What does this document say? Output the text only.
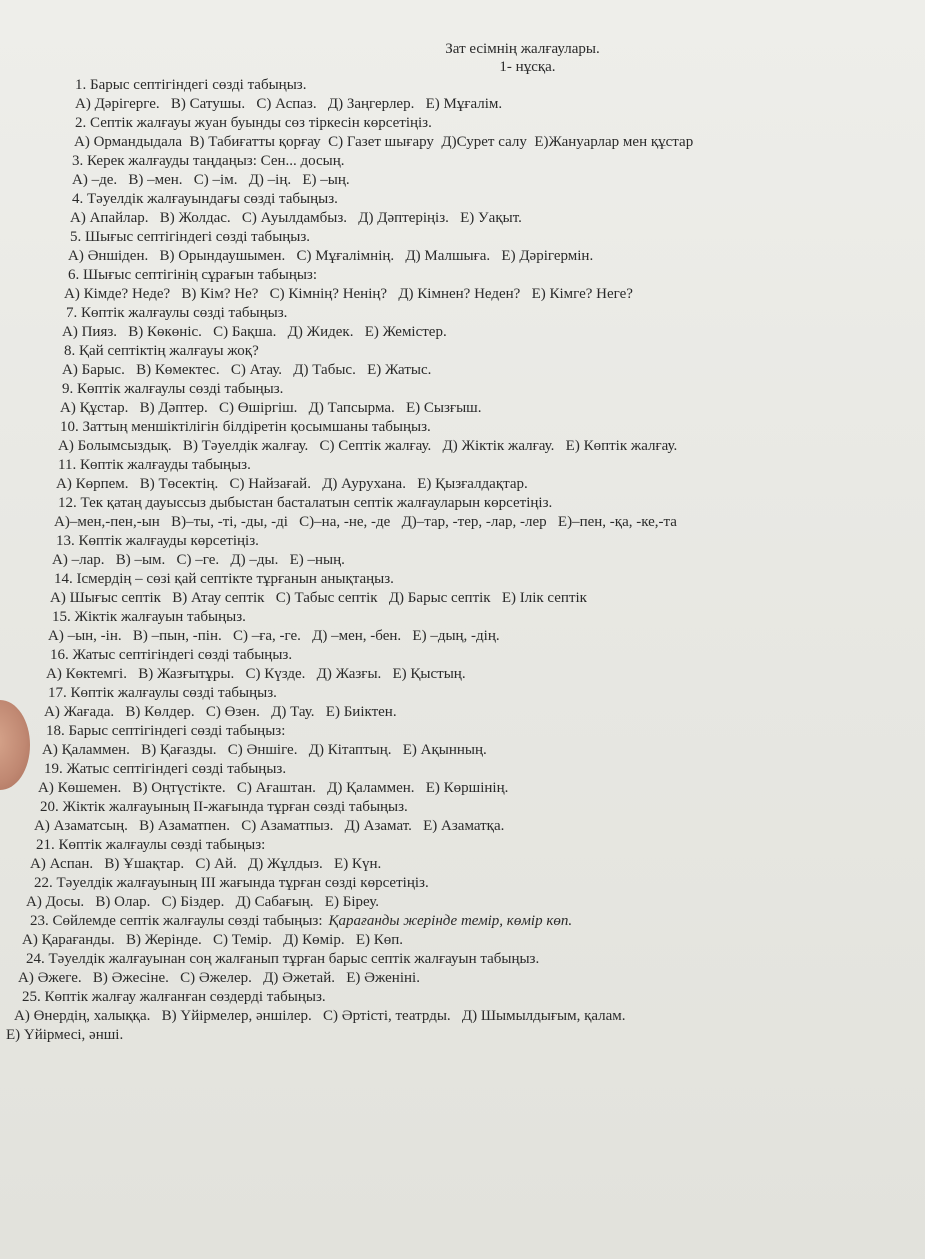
Зат есімнің жалғаулары.
1- нұсқа.
1. Барыс септігіндегі сөзді табыңыз.
А) Дәрігерге.   В) Сатушы.   С) Аспаз.   Д) Заңгерлер.   Е) Мұғалім.
2. Септік жалғауы жуан буынды сөз тіркесін көрсетіңіз.
А) Ормандыдала  В) Табиғатты қорғау  С) Газет шығару  Д)Сурет салу  Е)Жануарлар мен құстар
3. Керек жалғауды таңдаңыз: Сен... досың.
А) –де.   В) –мен.   С) –ім.   Д) –ің.   Е) –ың.
4. Тәуелдік жалғауындағы сөзді табыңыз.
А) Апайлар.   В) Жолдас.   С) Ауылдамбыз.   Д) Дәптеріңіз.   Е) Уақыт.
5. Шығыс септігіндегі сөзді табыңыз.
А) Әншіден.   В) Орындаушымен.   С) Мұғалімнің.   Д) Малшыға.   Е) Дәрігермін.
6. Шығыс септігінің сұрағын табыңыз:
А) Кімде? Неде?   В) Кім? Не?   С) Кімнің? Ненің?   Д) Кімнен? Неден?   Е) Кімге? Неге?
7. Көптік жалғаулы сөзді табыңыз.
А) Пияз.   В) Көкөніс.   С) Бақша.   Д) Жидек.   Е) Жемістер.
8. Қай септіктің жалғауы жоқ?
А) Барыс.   В) Көмектес.   С) Атау.   Д) Табыс.   Е) Жатыс.
9. Көптік жалғаулы сөзді табыңыз.
А) Құстар.   В) Дәптер.   С) Өшіргіш.   Д) Тапсырма.   Е) Сызғыш.
10. Заттың меншіктілігін білдіретін қосымшаны табыңыз.
А) Болымсыздық.   В) Тәуелдік жалғау.   С) Септік жалғау.   Д) Жіктік жалғау.   Е) Көптік жалғау.
11. Көптік жалғауды табыңыз.
А) Көрпем.   В) Төсектің.   С) Найзағай.   Д) Аурухана.   Е) Қызғалдақтар.
12. Тек қатаң дауыссыз дыбыстан басталатын септік жалғауларын көрсетіңіз.
А)–мен,-пен,-ын   В)–ты, -ті, -ды, -ді   С)–на, -не, -де   Д)–тар, -тер, -лар, -лер   Е)–пен, -қа, -ке,-та
13. Көптік жалғауды көрсетіңіз.
А) –лар.   В) –ым.   С) –ге.   Д) –ды.   Е) –ның.
14. Ісмердің – сөзі қай септікте тұрғанын анықтаңыз.
А) Шығыс септік   В) Атау септік   С) Табыс септік   Д) Барыс септік   Е) Ілік септік
15. Жіктік жалғауын табыңыз.
А) –ын, -ін.   В) –пын, -пін.   С) –ға, -ге.   Д) –мен, -бен.   Е) –дың, -дің.
16. Жатыс септігіндегі сөзді табыңыз.
А) Көктемгі.   В) Жазғытұры.   С) Күзде.   Д) Жазғы.   Е) Қыстың.
17. Көптік жалғаулы сөзді табыңыз.
А) Жағада.   В) Көлдер.   С) Өзен.   Д) Тау.   Е) Биіктен.
18. Барыс септігіндегі сөзді табыңыз:
А) Қаламмен.   В) Қағазды.   С) Әншіге.   Д) Кітаптың.   Е) Ақынның.
19. Жатыс септігіндегі сөзді табыңыз.
А) Көшемен.   В) Оңтүстікте.   С) Ағаштан.   Д) Қаламмен.   Е) Көршінің.
20. Жіктік жалғауының ІІ-жағында тұрған сөзді табыңыз.
А) Азаматсың.   В) Азаматпен.   С) Азаматпыз.   Д) Азамат.   Е) Азаматқа.
21. Көптік жалғаулы сөзді табыңыз:
А) Аспан.   В) Ұшақтар.   С) Ай.   Д) Жұлдыз.   Е) Күн.
22. Тәуелдік жалғауының ІІІ жағында тұрған сөзді көрсетіңіз.
А) Досы.   В) Олар.   С) Біздер.   Д) Сабағың.   Е) Біреу.
23. Сөйлемде септік жалғаулы сөзді табыңыз: Қарағанды жерінде темір, көмір көп.
А) Қарағанды.   В) Жерінде.   С) Темір.   Д) Көмір.   Е) Көп.
24. Тәуелдік жалғауынан соң жалғанып тұрған барыс септік жалғауын табыңыз.
А) Әжеге.   В) Әжесіне.   С) Әжелер.   Д) Әжетай.   Е) Әженіні.
25. Көптік жалғау жалғанған сөздерді табыңыз.
А) Өнердің, халыққа.   В) Үйірмелер, әншілер.   С) Әртісті, театрды.   Д) Шымылдығым, қалам.
Е) Үйірмесі, әнші.
